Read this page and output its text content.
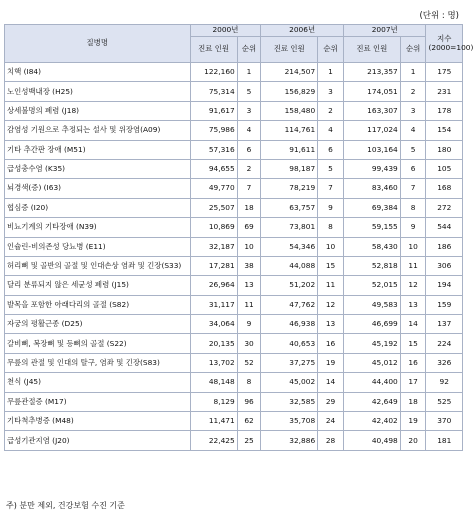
(단위 : 명)
질병명	2000년		2006년		2007년		지수 (2000=100)
	진료 인원	순위	진료 인원	순위	진료 인원	순위	
치핵 (I84)	122,160	1	214,507	1	213,357	1	175
노인성백내장 (H25)	75,314	5	156,829	3	174,051	2	231
상세불명의 폐렴 (J18)	91,617	3	158,480	2	163,307	3	178
감염성 기원으로 추정되는 설사 및 위장염(A09)	75,986	4	114,761	4	117,024	4	154
기타 추간판 장애 (M51)	57,316	6	91,611	6	103,164	5	180
급성충수염 (K35)	94,655	2	98,187	5	99,439	6	105
뇌경색(증) (I63)	49,770	7	78,219	7	83,460	7	168
협심증 (I20)	25,507	18	63,757	9	69,384	8	272
비뇨기계의 기타장애 (N39)	10,869	69	73,801	8	59,155	9	544
인슐린-비의존성 당뇨병 (E11)	32,187	10	54,346	10	58,430	10	186
허리뼈 및 골반의 골절 및 인대손상 염좌 및 긴장(S33)	17,281	38	44,088	15	52,818	11	306
달리 분류되지 않은 세균성 폐렴 (J15)	26,964	13	51,202	11	52,015	12	194
발목을 포함한 아래다리의 골절 (S82)	31,117	11	47,762	12	49,583	13	159
자궁의 평활근종 (D25)	34,064	9	46,938	13	46,699	14	137
갈비뼈, 복장뼈 및 등뼈의 골절 (S22)	20,135	30	40,653	16	45,192	15	224
무릎의 관절 및 인대의 탈구, 염좌 및 긴장(S83)	13,702	52	37,275	19	45,012	16	326
천식 (J45)	48,148	8	45,002	14	44,400	17	92
무릎관절증 (M17)	8,129	96	32,585	29	42,649	18	525
기타척추병증 (M48)	11,471	62	35,708	24	42,402	19	370
급성기관지염 (J20)	22,425	25	32,886	28	40,498	20	181
주) 분만 제외, 건강보험 수진 기준
